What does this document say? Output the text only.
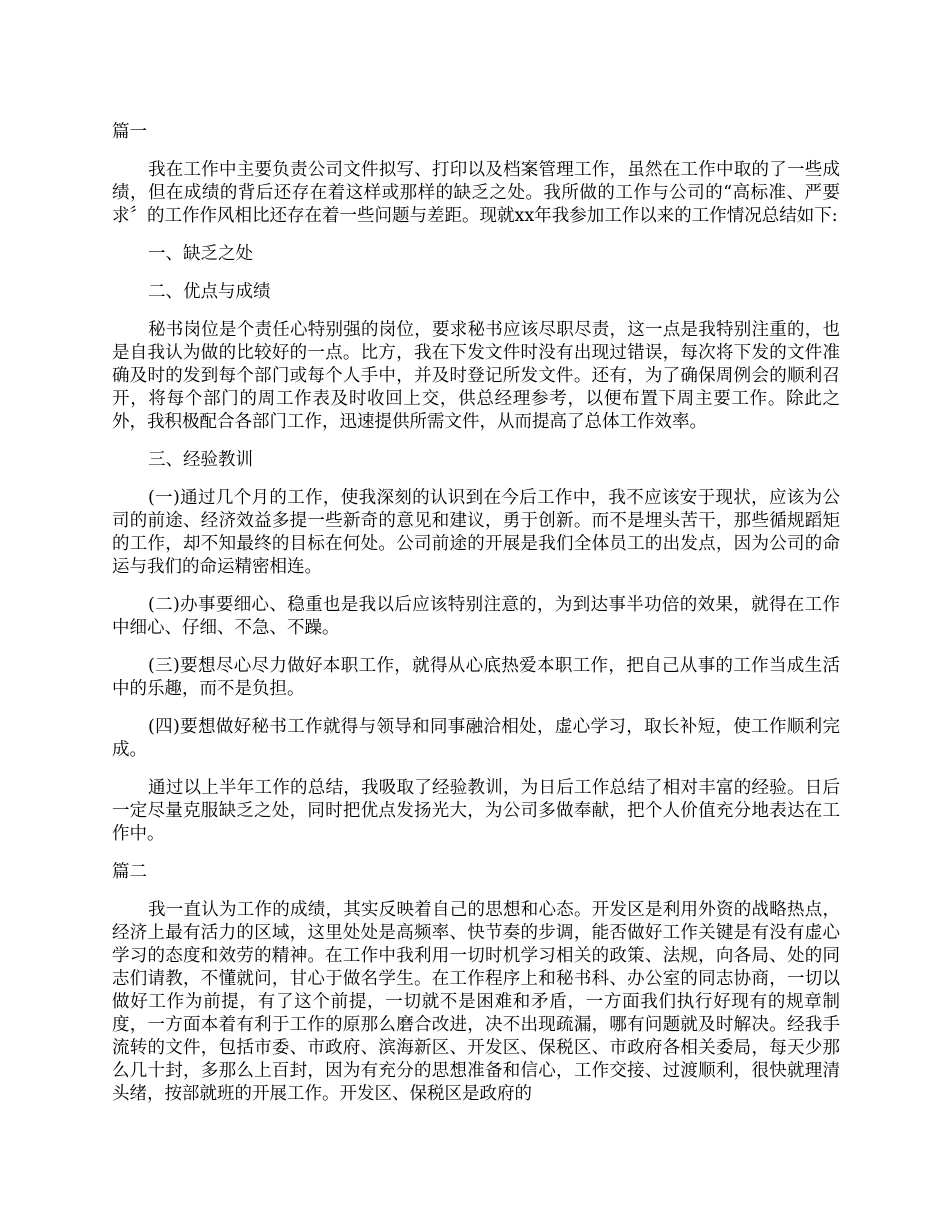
篇一

我在工作中主要负责公司文件拟写、打印以及档案管理工作，虽然在工作中取的了一些成绩，但在成绩的背后还存在着这样或那样的缺乏之处。我所做的工作与公司的“高标准、严要求〞的工作作风相比还存在着一些问题与差距。现就xx年我参加工作以来的工作情况总结如下:

一、缺乏之处

二、优点与成绩

秘书岗位是个责任心特别强的岗位，要求秘书应该尽职尽责，这一点是我特别注重的，也是自我认为做的比较好的一点。比方，我在下发文件时没有出现过错误，每次将下发的文件准确及时的发到每个部门或每个人手中，并及时登记所发文件。还有，为了确保周例会的顺利召开，将每个部门的周工作表及时收回上交，供总经理参考，以便布置下周主要工作。除此之外，我积极配合各部门工作，迅速提供所需文件，从而提高了总体工作效率。

三、经验教训

(一)通过几个月的工作，使我深刻的认识到在今后工作中，我不应该安于现状，应该为公司的前途、经济效益多提一些新奇的意见和建议，勇于创新。而不是埋头苦干，那些循规蹈矩的工作，却不知最终的目标在何处。公司前途的开展是我们全体员工的出发点，因为公司的命运与我们的命运精密相连。

(二)办事要细心、稳重也是我以后应该特别注意的，为到达事半功倍的效果，就得在工作中细心、仔细、不急、不躁。

(三)要想尽心尽力做好本职工作，就得从心底热爱本职工作，把自己从事的工作当成生活中的乐趣，而不是负担。

(四)要想做好秘书工作就得与领导和同事融洽相处，虚心学习，取长补短，使工作顺利完成。

通过以上半年工作的总结，我吸取了经验教训，为日后工作总结了相对丰富的经验。日后一定尽量克服缺乏之处，同时把优点发扬光大，为公司多做奉献，把个人价值充分地表达在工作中。

篇二

我一直认为工作的成绩，其实反映着自己的思想和心态。开发区是利用外资的战略热点，经济上最有活力的区域，这里处处是高频率、快节奏的步调，能否做好工作关键是有没有虚心学习的态度和效劳的精神。在工作中我利用一切时机学习相关的政策、法规，向各局、处的同志们请教，不懂就问，甘心于做名学生。在工作程序上和秘书科、办公室的同志协商，一切以做好工作为前提，有了这个前提，一切就不是困难和矛盾，一方面我们执行好现有的规章制度，一方面本着有利于工作的原那么磨合改进，决不出现疏漏，哪有问题就及时解决。经我手流转的文件，包括市委、市政府、滨海新区、开发区、保税区、市政府各相关委局，每天少那么几十封，多那么上百封，因为有充分的思想准备和信心，工作交接、过渡顺利，很快就理清头绪，按部就班的开展工作。开发区、保税区是政府的
